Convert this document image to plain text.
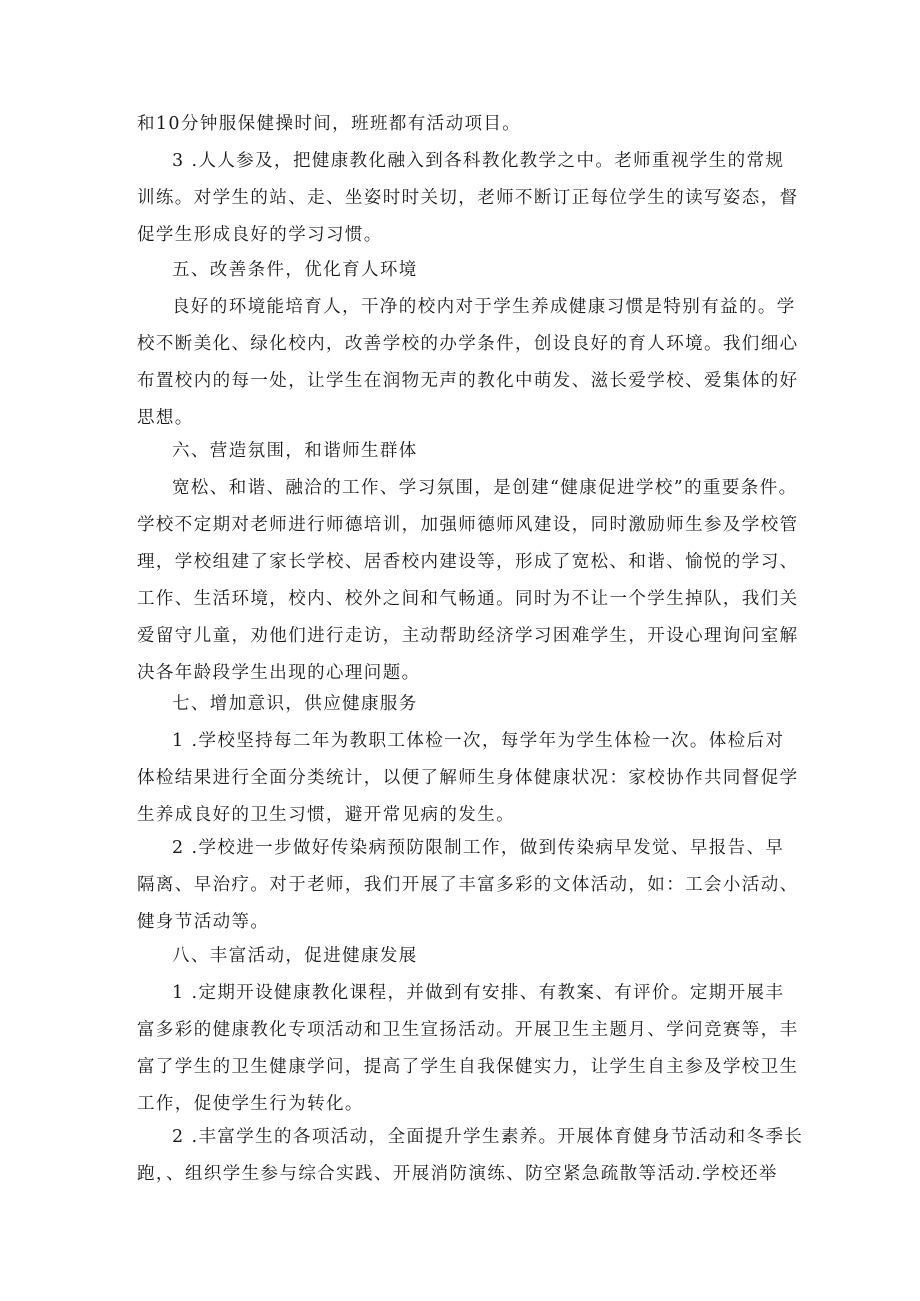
和10分钟服保健操时间，班班都有活动项目。
3 .人人参及，把健康教化融入到各科教化教学之中。老师重视学生的常规
训练。对学生的站、走、坐姿时时关切，老师不断订正每位学生的读写姿态，督
促学生形成良好的学习习惯。
五、改善条件，优化育人环境
良好的环境能培育人，干净的校内对于学生养成健康习惯是特别有益的。学
校不断美化、绿化校内，改善学校的办学条件，创设良好的育人环境。我们细心
布置校内的每一处，让学生在润物无声的教化中萌发、滋长爱学校、爱集体的好
思想。
六、营造氛围，和谐师生群体
宽松、和谐、融洽的工作、学习氛围，是创建“健康促进学校”的重要条件。
学校不定期对老师进行师德培训，加强师德师风建设，同时激励师生参及学校管
理，学校组建了家长学校、居香校内建设等，形成了宽松、和谐、愉悦的学习、
工作、生活环境，校内、校外之间和气畅通。同时为不让一个学生掉队，我们关
爱留守儿童，劝他们进行走访，主动帮助经济学习困难学生，开设心理询问室解
决各年龄段学生出现的心理问题。
七、增加意识，供应健康服务
1 .学校坚持每二年为教职工体检一次，每学年为学生体检一次。体检后对
体检结果进行全面分类统计，以便了解师生身体健康状况：家校协作共同督促学
生养成良好的卫生习惯，避开常见病的发生。
2 .学校进一步做好传染病预防限制工作，做到传染病早发觉、早报告、早
隔离、早治疗。对于老师，我们开展了丰富多彩的文体活动，如：工会小活动、
健身节活动等。
八、丰富活动，促进健康发展
1 .定期开设健康教化课程，并做到有安排、有教案、有评价。定期开展丰
富多彩的健康教化专项活动和卫生宣扬活动。开展卫生主题月、学问竞赛等，丰
富了学生的卫生健康学问，提高了学生自我保健实力，让学生自主参及学校卫生
工作，促使学生行为转化。
2 .丰富学生的各项活动，全面提升学生素养。开展体育健身节活动和冬季长
跑，、组织学生参与综合实践、开展消防演练、防空紧急疏散等活动.学校还举
